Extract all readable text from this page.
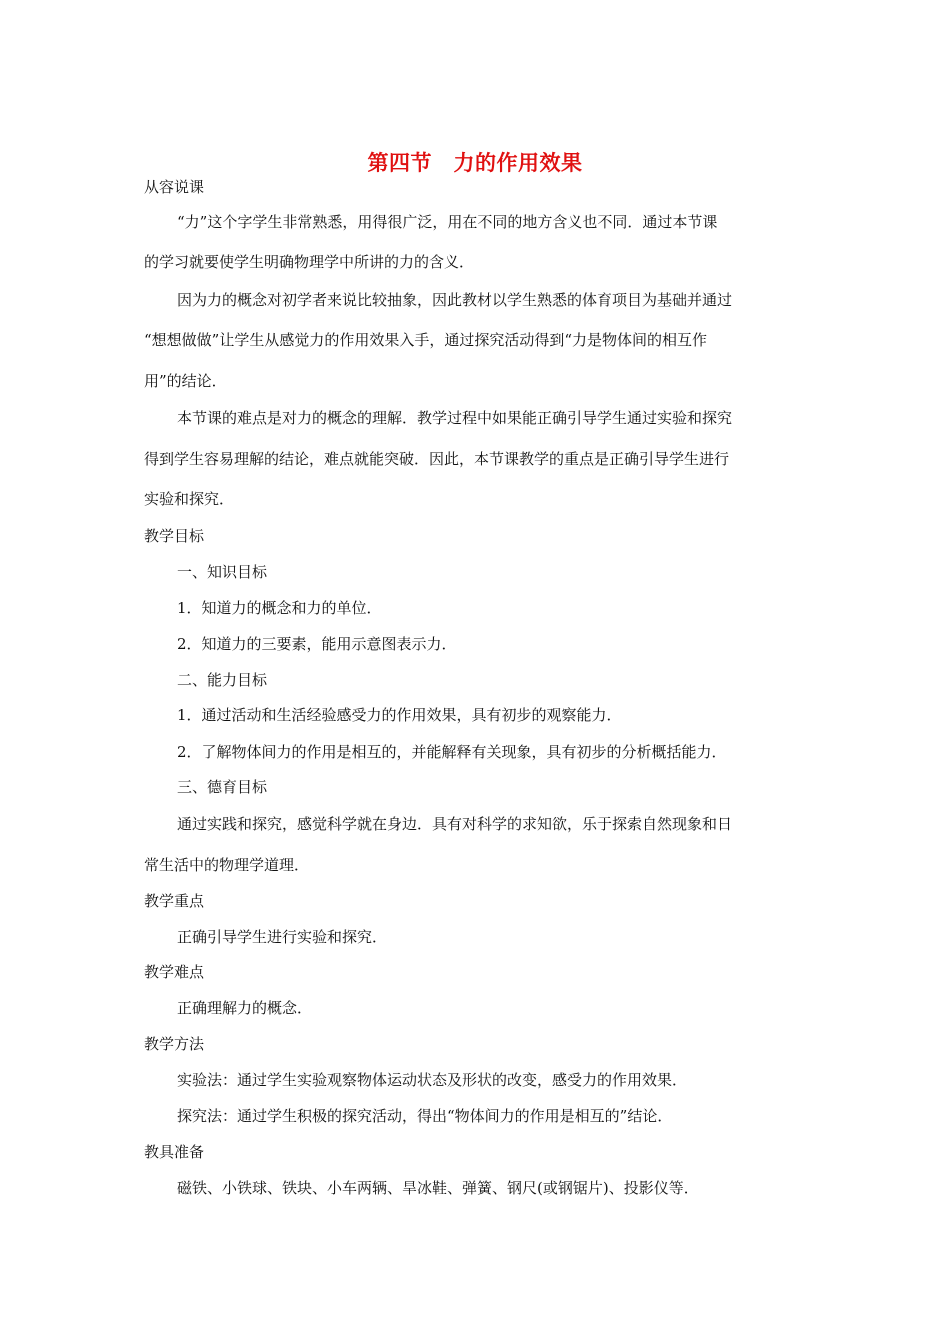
第四节　力的作用效果
从容说课
“力”这个字学生非常熟悉，用得很广泛，用在不同的地方含义也不同．通过本节课
的学习就要使学生明确物理学中所讲的力的含义．
因为力的概念对初学者来说比较抽象，因此教材以学生熟悉的体育项目为基础并通过
“想想做做”让学生从感觉力的作用效果入手，通过探究活动得到“力是物体间的相互作
用”的结论．
本节课的难点是对力的概念的理解．教学过程中如果能正确引导学生通过实验和探究
得到学生容易理解的结论，难点就能突破．因此，本节课教学的重点是正确引导学生进行
实验和探究．
教学目标
一、知识目标
1．知道力的概念和力的单位．
2．知道力的三要素，能用示意图表示力．
二、能力目标
1．通过活动和生活经验感受力的作用效果，具有初步的观察能力．
2．了解物体间力的作用是相互的，并能解释有关现象，具有初步的分析概括能力．
三、德育目标
通过实践和探究，感觉科学就在身边．具有对科学的求知欲，乐于探索自然现象和日
常生活中的物理学道理．
教学重点
正确引导学生进行实验和探究．
教学难点
正确理解力的概念．
教学方法
实验法：通过学生实验观察物体运动状态及形状的改变，感受力的作用效果．
探究法：通过学生积极的探究活动，得出“物体间力的作用是相互的”结论．
教具准备
磁铁、小铁球、铁块、小车两辆、旱冰鞋、弹簧、钢尺(或钢锯片)、投影仪等．
